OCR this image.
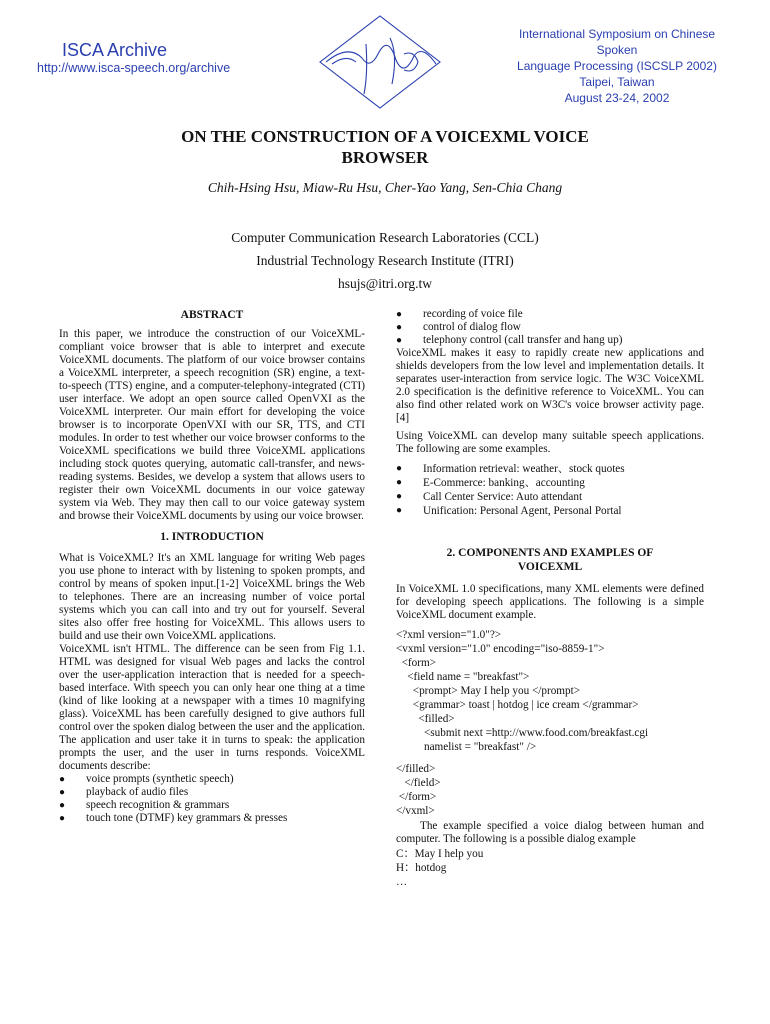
ISCA Archive
http://www.isca-speech.org/archive
International Symposium on Chinese Spoken
Language Processing (ISCSLP 2002)
Taipei, Taiwan
August 23-24, 2002
ON THE CONSTRUCTION OF A VOICEXML VOICE
BROWSER
Chih-Hsing Hsu, Miaw-Ru Hsu, Cher-Yao Yang, Sen-Chia Chang
Computer Communication Research Laboratories (CCL)
Industrial Technology Research Institute (ITRI)
hsujs@itri.org.tw
ABSTRACT

In this paper, we introduce the construction of our VoiceXML-compliant voice browser that is able to interpret and execute VoiceXML documents. The platform of our voice browser contains a VoiceXML interpreter, a speech recognition (SR) engine, a text-to-speech (TTS) engine, and a computer-telephony-integrated (CTI) user interface. We adopt an open source called OpenVXI as the VoiceXML interpreter. Our main effort for developing the voice browser is to incorporate OpenVXI with our SR, TTS, and CTI modules. In order to test whether our voice browser conforms to the VoiceXML specifications we build three VoiceXML applications including stock quotes querying, automatic call-transfer, and news-reading systems. Besides, we develop a system that allows users to register their own VoiceXML documents in our voice gateway system via Web. They may then call to our voice gateway system and browse their VoiceXML documents by using our voice browser.

1. INTRODUCTION

What is VoiceXML? It's an XML language for writing Web pages you use phone to interact with by listening to spoken prompts, and control by means of spoken input.[1-2] VoiceXML brings the Web to telephones. There are an increasing number of voice portal systems which you can call into and try out for yourself. Several sites also offer free hosting for VoiceXML. This allows users to build and use their own VoiceXML applications.

VoiceXML isn't HTML. The difference can be seen from Fig 1.1. HTML was designed for visual Web pages and lacks the control over the user-application interaction that is needed for a speech-based interface. With speech you can only hear one thing at a time (kind of like looking at a newspaper with a times 10 magnifying glass). VoiceXML has been carefully designed to give authors full control over the spoken dialog between the user and the application. The application and user take it in turns to speak: the application prompts the user, and the user in turns responds. VoiceXML documents describe:

●	voice prompts (synthetic speech)
●	playback of audio files
●	speech recognition & grammars
●	touch tone (DTMF) key grammars & presses
●	recording of voice file
●	control of dialog flow
●	telephony control (call transfer and hang up)

VoiceXML makes it easy to rapidly create new applications and shields developers from the low level and implementation details. It separates user-interaction from service logic. The W3C VoiceXML 2.0 specification is the definitive reference to VoiceXML. You can also find other related work on W3C's voice browser activity page. [4]

Using VoiceXML can develop many suitable speech applications. The following are some examples.

●	Information retrieval: weather、stock quotes
●	E-Commerce: banking、accounting
●	Call Center Service: Auto attendant
●	Unification: Personal Agent, Personal Portal
2. COMPONENTS AND EXAMPLES OF
VOICEXML

In VoiceXML 1.0 specifications, many XML elements were defined for developing speech applications. The following is a simple VoiceXML document example.

<?xml version="1.0"?>
<vxml version="1.0" encoding="iso-8859-1">
<form>
<field name = "breakfast">
<prompt> May I help you </prompt>
<grammar> toast | hotdog | ice cream </grammar>
<filled>
<submit next =http://www.food.com/breakfast.cgi
namelist = "breakfast" />
</filled>
</field>
</form>
</vxml>

The example specified a voice dialog between human and computer. The following is a possible dialog example

C：May I help you
H：hotdog
…
